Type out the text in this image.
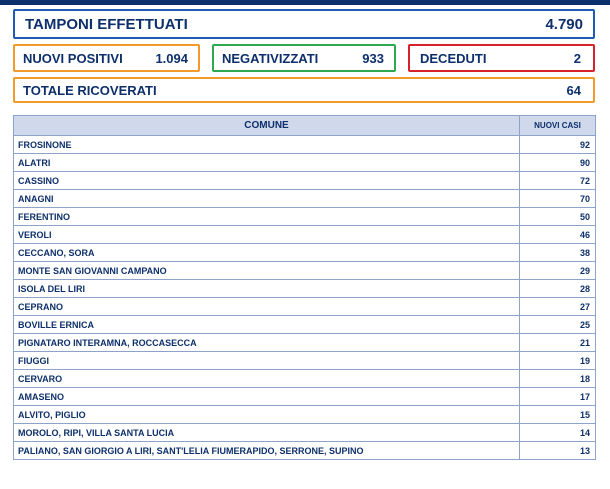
TAMPONI EFFETTUATI	4.790
NUOVI POSITIVI	1.094	NEGATIVIZZATI	933	DECEDUTI	2
TOTALE RICOVERATI	64
COMUNE	NUOVI CASI
FROSINONE	92
ALATRI	90
CASSINO	72
ANAGNI	70
FERENTINO	50
VEROLI	46
CECCANO, SORA	38
MONTE SAN GIOVANNI CAMPANO	29
ISOLA DEL LIRI	28
CEPRANO	27
BOVILLE ERNICA	25
PIGNATARO INTERAMNA, ROCCASECCA	21
FIUGGI	19
CERVARO	18
AMASENO	17
ALVITO, PIGLIO	15
MOROLO, RIPI, VILLA SANTA LUCIA	14
PALIANO, SAN GIORGIO A LIRI, SANT'LELIA FIUMERAPIDO, SERRONE, SUPINO	13
